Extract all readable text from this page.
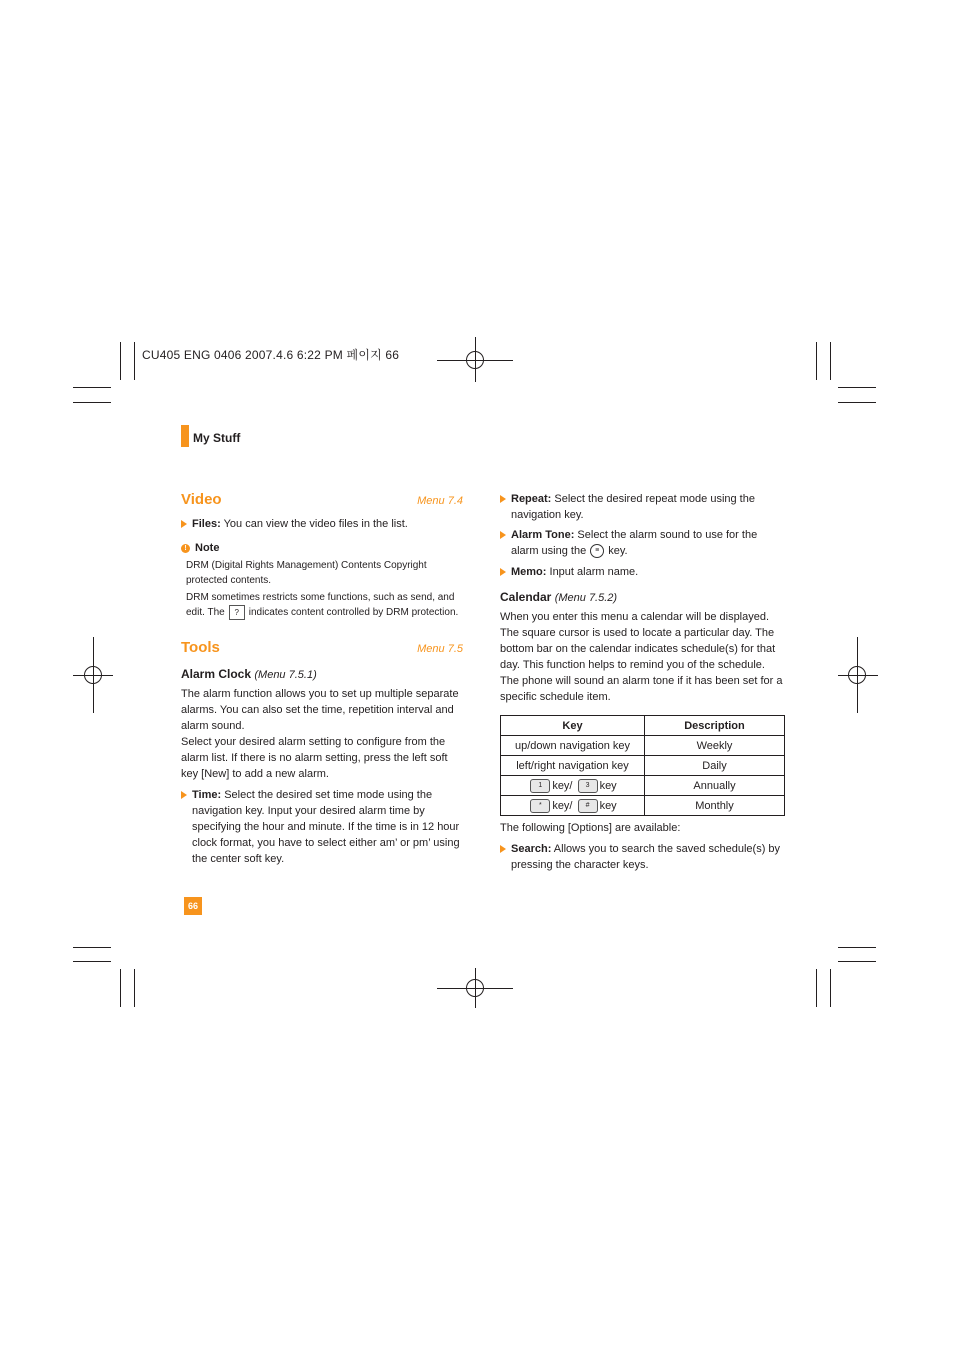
CU405 ENG 0406 2007.4.6 6:22 PM 페이지 66
My Stuff
Video	Menu 7.4
Files: You can view the video files in the list.
! Note
DRM (Digital Rights Management) Contents Copyright protected contents.
DRM sometimes restricts some functions, such as send, and edit. The ? indicates content controlled by DRM protection.
Tools	Menu 7.5
Alarm Clock (Menu 7.5.1)
The alarm function allows you to set up multiple separate alarms. You can also set the time, repetition interval and alarm sound.
Select your desired alarm setting to configure from the alarm list. If there is no alarm setting, press the left soft key [New] to add a new alarm.
Time: Select the desired set time mode using the navigation key. Input your desired alarm time by specifying the hour and minute. If the time is in 12 hour clock format, you have to select either am’ or pm’ using the center soft key.
66
Repeat: Select the desired repeat mode using the navigation key.
Alarm Tone: Select the alarm sound to use for the alarm using the ≡ key.
Memo: Input alarm name.
Calendar (Menu 7.5.2)
When you enter this menu a calendar will be displayed. The square cursor is used to locate a particular day. The bottom bar on the calendar indicates schedule(s) for that day. This function helps to remind you of the schedule. The phone will sound an alarm tone if it has been set for a specific schedule item.
Key	Description
up/down navigation key	Weekly
left/right navigation key	Daily
1 key/ 3 key	Annually
* key/ # key	Monthly
The following [Options] are available:
Search: Allows you to search the saved schedule(s) by pressing the character keys.
